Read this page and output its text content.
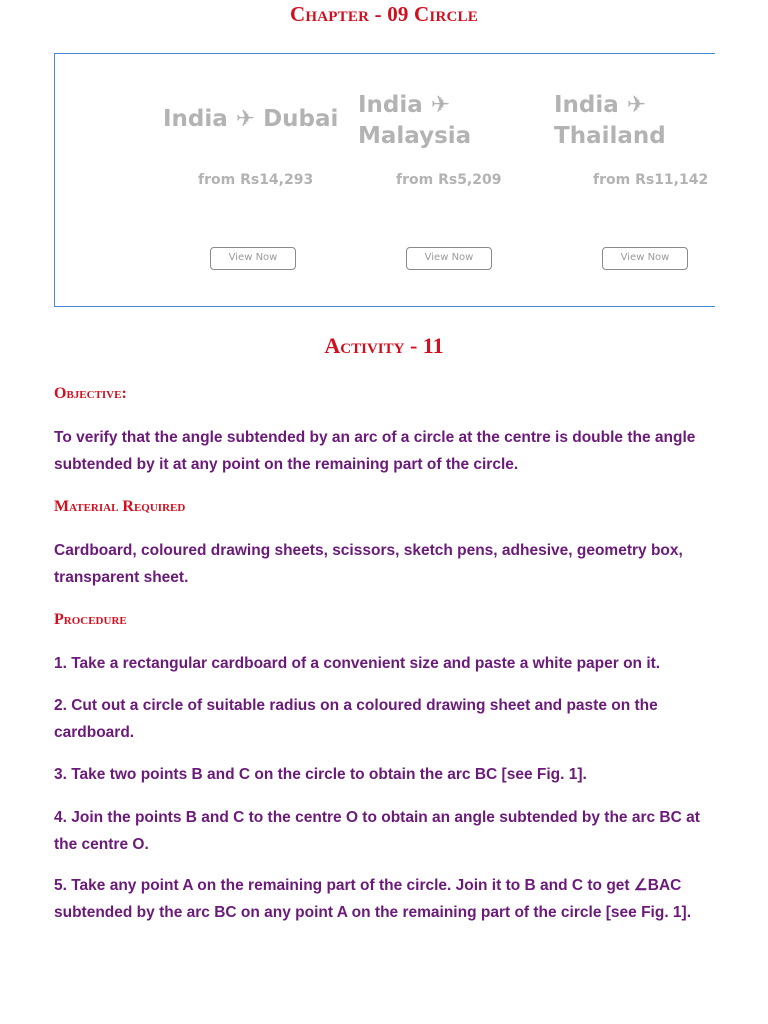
Chapter - 09 Circle
India ✈ Dubai
from Rs14,293
View Now
India ✈
Malaysia
from Rs5,209
View Now
India ✈
Thailand
from Rs11,142
View Now
Activity - 11
Objective:
To verify that the angle subtended by an arc of a circle at the centre is double the angle subtended by it at any point on the remaining part of the circle.
Material Required
Cardboard, coloured drawing sheets, scissors, sketch pens, adhesive, geometry box, transparent sheet.
Procedure
1. Take a rectangular cardboard of a convenient size and paste a white paper on it.
2. Cut out a circle of suitable radius on a coloured drawing sheet and paste on the cardboard.
3. Take two points B and C on the circle to obtain the arc BC [see Fig. 1].
4. Join the points B and C to the centre O to obtain an angle subtended by the arc BC at the centre O.
5. Take any point A on the remaining part of the circle. Join it to B and C to get ∠BAC subtended by the arc BC on any point A on the remaining part of the circle [see Fig. 1].
